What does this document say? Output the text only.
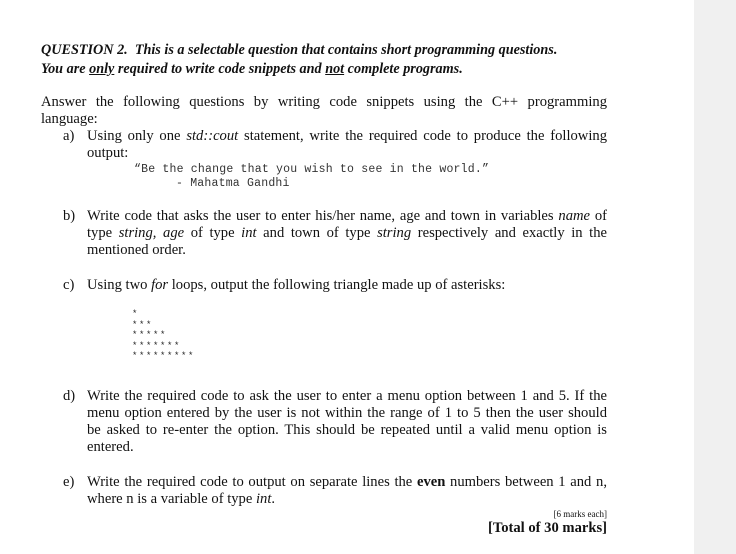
QUESTION 2. This is a selectable question that contains short programming questions.
You are only required to write code snippets and not complete programs.
Answer the following questions by writing code snippets using the C++ programming
language:
a) Using only one std::cout statement, write the required code to produce the following
output:
“Be the change that you wish to see in the world.”
- Mahatma Gandhi
b) Write code that asks the user to enter his/her name, age and town in variables name of
type string, age of type int and town of type string respectively and exactly in the
mentioned order.
c) Using two for loops, output the following triangle made up of asterisks:
*
***
*****
*******
*********
d) Write the required code to ask the user to enter a menu option between 1 and 5. If the
menu option entered by the user is not within the range of 1 to 5 then the user should
be asked to re-enter the option. This should be repeated until a valid menu option is
entered.
e) Write the required code to output on separate lines the even numbers between 1 and n,
where n is a variable of type int.
[6 marks each]
[Total of 30 marks]
